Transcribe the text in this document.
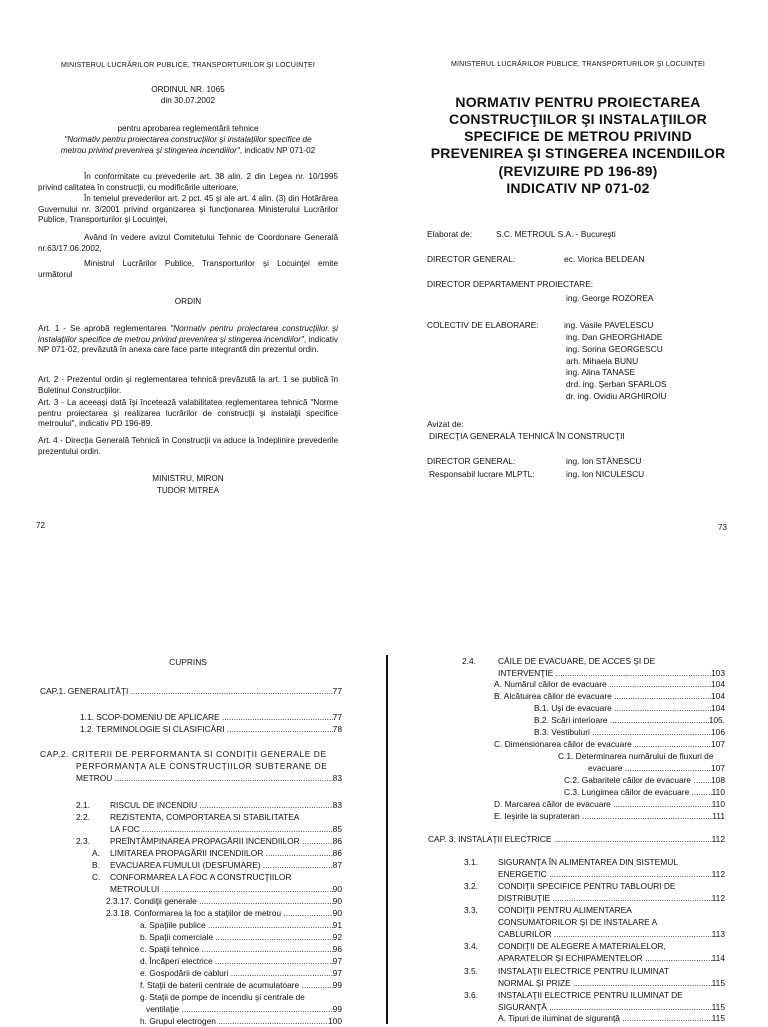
MINISTERUL LUCRĂRILOR PUBLICE, TRANSPORTURILOR ŞI LOCUINŢEI
ORDINUL NR. 1065
din 30.07.2002
pentru aprobarea reglementării tehnice
"Normativ pentru proiectarea construcţiilor şi instalaţiilor specifice de
metrou privind prevenirea şi stingerea incendiilor", indicativ NP 071-02
În conformitate cu prevederile art. 38 alin. 2 din Legea nr. 10/1995 privind calitatea în construcţii, cu modificările ulterioare,
În temeiul prevederilor art. 2 pct. 45 şi ale art. 4 alin. (3) din Hotărârea Guvernului nr. 3/2001 privind organizarea şi funcţionarea Ministerului Lucrărilor Publice, Transporturilor şi Locuinţei,
Având în vedere avizul Comitetului Tehnic de Coordonare Generală nr.63/17.06.2002,
Ministrul Lucrărilor Publice, Transporturilor şi Locuinţei emite următorul
ORDIN
Art. 1 - Se aprobă reglementarea "Normativ pentru proiectarea construcţiilor şi instalaţiilor specifice de metrou privind prevenirea şi stingerea incendiilor", indicativ NP 071-02, prevăzută în anexa care face parte integrantă din prezentul ordin.
Art. 2 - Prezentul ordin şi reglementarea tehnică prevăzută la art. 1 se publică în Buletinul Construcţiilor.
Art. 3 - La aceeaşi dată îşi încetează valabilitatea reglementarea tehnică "Norme pentru proiectarea şi realizarea lucrărilor de construcţii şi instalaţii specifice metroului", indicativ PD 196-89.
Art. 4 - Direcţia Generală Tehnică în Construcţii va aduce la îndeplinire prevederile prezentului ordin.
MINISTRU, MIRON
TUDOR MITREA
72
MINISTERUL LUCRĂRILOR PUBLICE, TRANSPORTURILOR ŞI LOCUINŢEI
NORMATIV PENTRU PROIECTAREA
CONSTRUCŢIILOR ŞI INSTALAŢIILOR
SPECIFICE DE METROU PRIVIND
PREVENIREA ŞI STINGEREA INCENDIILOR
(REVIZUIRE PD 196-89)
INDICATIV NP 071-02
Elaborat de:	S.C. METROUL S.A. - Bucureşti
DIRECTOR GENERAL:	ec. Viorica BELDEAN
DIRECTOR DEPARTAMENT PROIECTARE:
ing. George ROZOREA
COLECTIV DE ELABORARE:	ing. Vasile PAVELESCU
ing. Dan GHEORGHIADE
ing. Sorina GEORGESCU
arh. Mihaela BUNU
ing. Alina TANASE
drd. ing. Şerban SFARLOS
dr. ing. Ovidiu ARGHIROIU
Avizat de:
DIRECŢIA GENERALĂ TEHNICĂ ÎN CONSTRUCŢII
DIRECTOR GENERAL:	ing. Ion STĂNESCU
Responsabil lucrare MLPTL:	ing. Ion NICULESCU
73
CUPRINS
CAP.1. GENERALITĂŢI .....	77
1.1. SCOP-DOMENIU DE APLICARE .....	77
1.2. TERMINOLOGIE SI CLASIFICĂRI .....	78
CAP.2. CRITERII DE PERFORMANTA SI CONDIŢII GENERALE DE
PERFORMANŢA ALE CONSTRUCŢIILOR SUBTERANE DE
METROU .....	83
2.1. RISCUL DE INCENDIU .....	83
2.2. REZISTENTA, COMPORTAREA SI STABILITATEA
LA FOC .....	85
2.3. PREÎNTÂMPINAREA PROPAGĂRII INCENDIILOR .....	86
A. LIMITAREA PROPAGĂRII INCENDIILOR .....	86
B. EVACUAREA FUMULUI (DESFUMARE) .....	87
C. CONFORMAREA LA FOC A CONSTRUCŢIILOR
METROULUI .....	90
2.3.17. Condiţii generale .....	90
2.3.18. Conformarea la foc a staţiilor de metrou .....	90
a. Spaţiile publice .....	91
b. Spaţii comerciale .....	92
c. Spaţii tehnice .....	96
d. Încăperi electrice .....	97
e. Gospodării de cabluri .....	97
f. Staţii de baterii centrale de acumulatoare .....	99
g. Staţii de pompe de incendiu şi centrale de
ventilaţie .....	99
h. Grupul electrogen .....	100
2.4.	CĂILE DE EVACUARE, DE ACCES ŞI DE
INTERVENŢIE .....	103
A. Numărul căilor de evacuare .....	104
B. Alcătuirea căilor de evacuare .....	104
B.1. Uşi de evacuare .....	104
B.2. Scări interioare .....	105.
B.3. Vestibuluri .....	106
C. Dimensionarea căilor de evacuare .....	107
C.1. Determinarea numărului de fluxuri de
evacuare .....	107
C.2. Gabaritele căilor de evacuare .....	108
C.3. Lungimea căilor de evacuare .....	110
D. Marcarea căilor de evacuare .....	110
E. Ieşirile la suprateran .....	111
CAP. 3. INSTALAŢII ELECTRICE .....	112
3.1. SIGURANŢA ÎN ALIMENTAREA DIN SISTEMUL
ENERGETIC .....	112
3.2. CONDIŢII SPECIFICE PENTRU TABLOURI DE
DISTRIBUŢIE .....	112
3.3. CONDIŢII PENTRU ALIMENTAREA
CONSUMATORILOR ŞI DE INSTALARE A
CABLURILOR .....	113
3.4. CONDIŢII DE ALEGERE A MATERIALELOR,
APARATELOR ŞI ECHIPAMENTELOR .....	114
3.5. INSTALAŢII ELECTRICE PENTRU ILUMINAT
NORMAL ŞI PRIZE .....	115
3.6. INSTALAŢII ELECTRICE PENTRU ILUMINAT DE
SIGURANŢĂ .....	115
A. Tipuri de iluminat de siguranţă .....	115
